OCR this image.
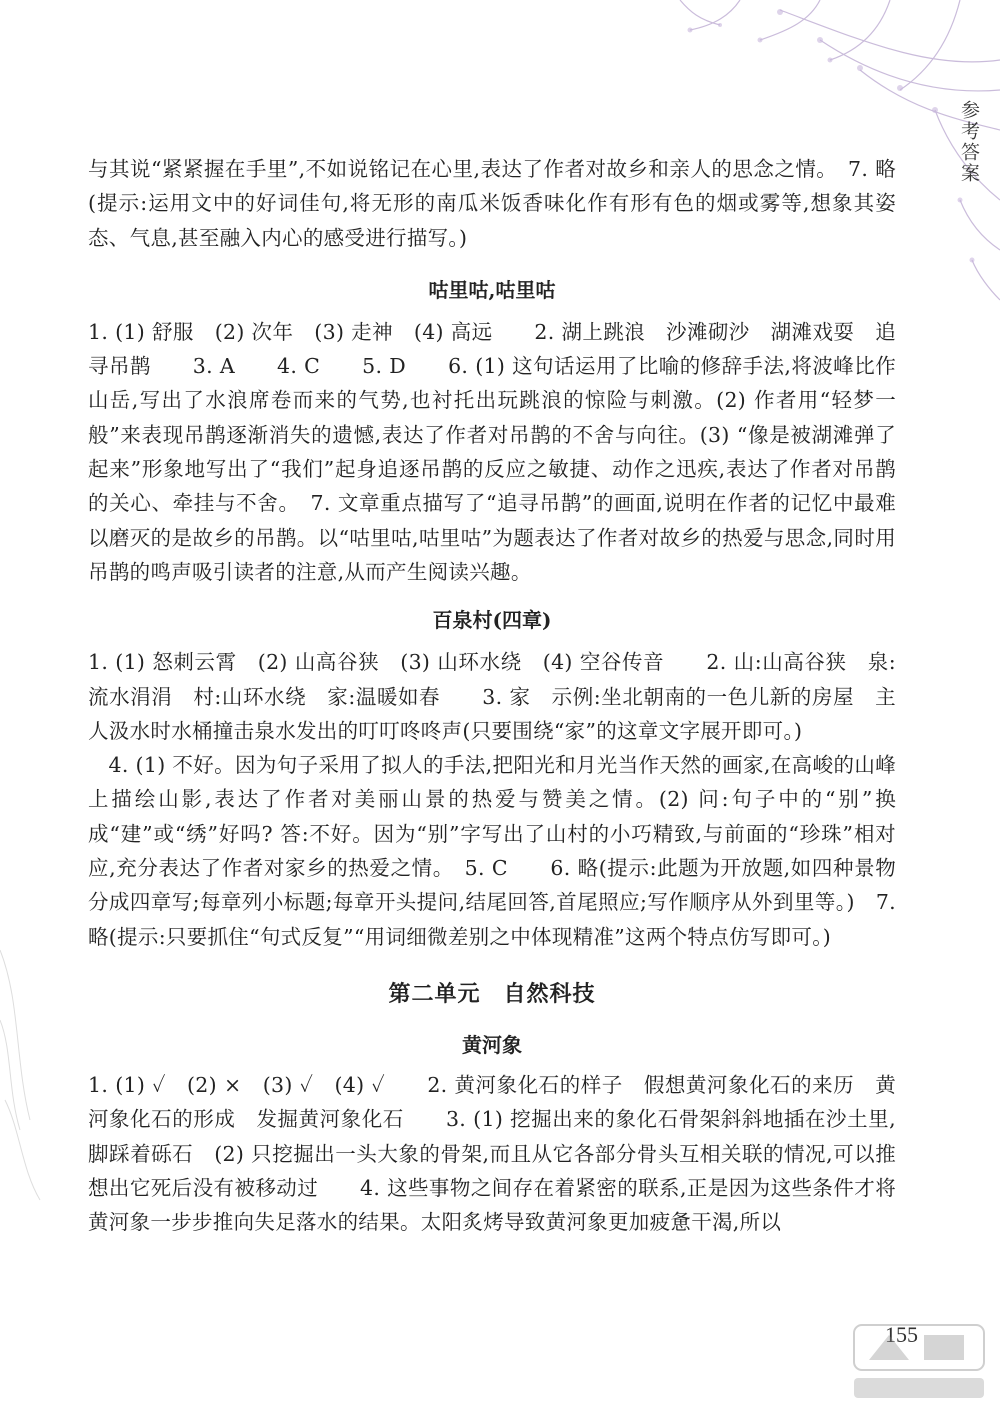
参考答案

与其说“紧紧握在手里”,不如说铭记在心里,表达了作者对故乡和亲人的思念之情。　7. 略(提示:运用文中的好词佳句,将无形的南瓜米饭香味化作有形有色的烟或雾等,想象其姿态、气息,甚至融入内心的感受进行描写。)

咕里咕,咕里咕

1. (1) 舒服　(2) 次年　(3) 走神　(4) 高远　　2. 湖上跳浪　沙滩砌沙　湖滩戏耍　追寻吊鹊　　3. A　　4. C　　5. D　　6. (1) 这句话运用了比喻的修辞手法,将波峰比作山岳,写出了水浪席卷而来的气势,也衬托出玩跳浪的惊险与刺激。(2) 作者用“轻梦一般”来表现吊鹊逐渐消失的遗憾,表达了作者对吊鹊的不舍与向往。(3) “像是被湖滩弹了起来”形象地写出了“我们”起身追逐吊鹊的反应之敏捷、动作之迅疾,表达了作者对吊鹊的关心、牵挂与不舍。　7. 文章重点描写了“追寻吊鹊”的画面,说明在作者的记忆中最难以磨灭的是故乡的吊鹊。以“咕里咕,咕里咕”为题表达了作者对故乡的热爱与思念,同时用吊鹊的鸣声吸引读者的注意,从而产生阅读兴趣。

百泉村(四章)

1. (1) 怒刺云霄　(2) 山高谷狭　(3) 山环水绕　(4) 空谷传音　　2. 山:山高谷狭　泉:流水涓涓　村:山环水绕　家:温暖如春　　3. 家　示例:坐北朝南的一色儿新的房屋　主人汲水时水桶撞击泉水发出的叮叮咚咚声(只要围绕“家”的这章文字展开即可。)

4. (1) 不好。因为句子采用了拟人的手法,把阳光和月光当作天然的画家,在高峻的山峰上描绘山影,表达了作者对美丽山景的热爱与赞美之情。(2) 问:句子中的“别”换成“建”或“绣”好吗? 答:不好。因为“别”字写出了山村的小巧精致,与前面的“珍珠”相对应,充分表达了作者对家乡的热爱之情。　5. C　　6. 略(提示:此题为开放题,如四种景物分成四章写;每章列小标题;每章开头提问,结尾回答,首尾照应;写作顺序从外到里等。)　7. 略(提示:只要抓住“句式反复”“用词细微差别之中体现精准”这两个特点仿写即可。)

第二单元　自然科技
黄河象

1. (1) ✓　(2) ×　(3) ✓　(4) ✓　　2. 黄河象化石的样子　假想黄河象化石的来历　黄河象化石的形成　发掘黄河象化石　　3. (1) 挖掘出来的象化石骨架斜斜地插在沙土里,脚踩着砾石　(2) 只挖掘出一头大象的骨架,而且从它各部分骨头互相关联的情况,可以推想出它死后没有被移动过　　4. 这些事物之间存在着紧密的联系,正是因为这些条件才将黄河象一步步推向失足落水的结果。太阳炙烤导致黄河象更加疲惫干渴,所以

155
